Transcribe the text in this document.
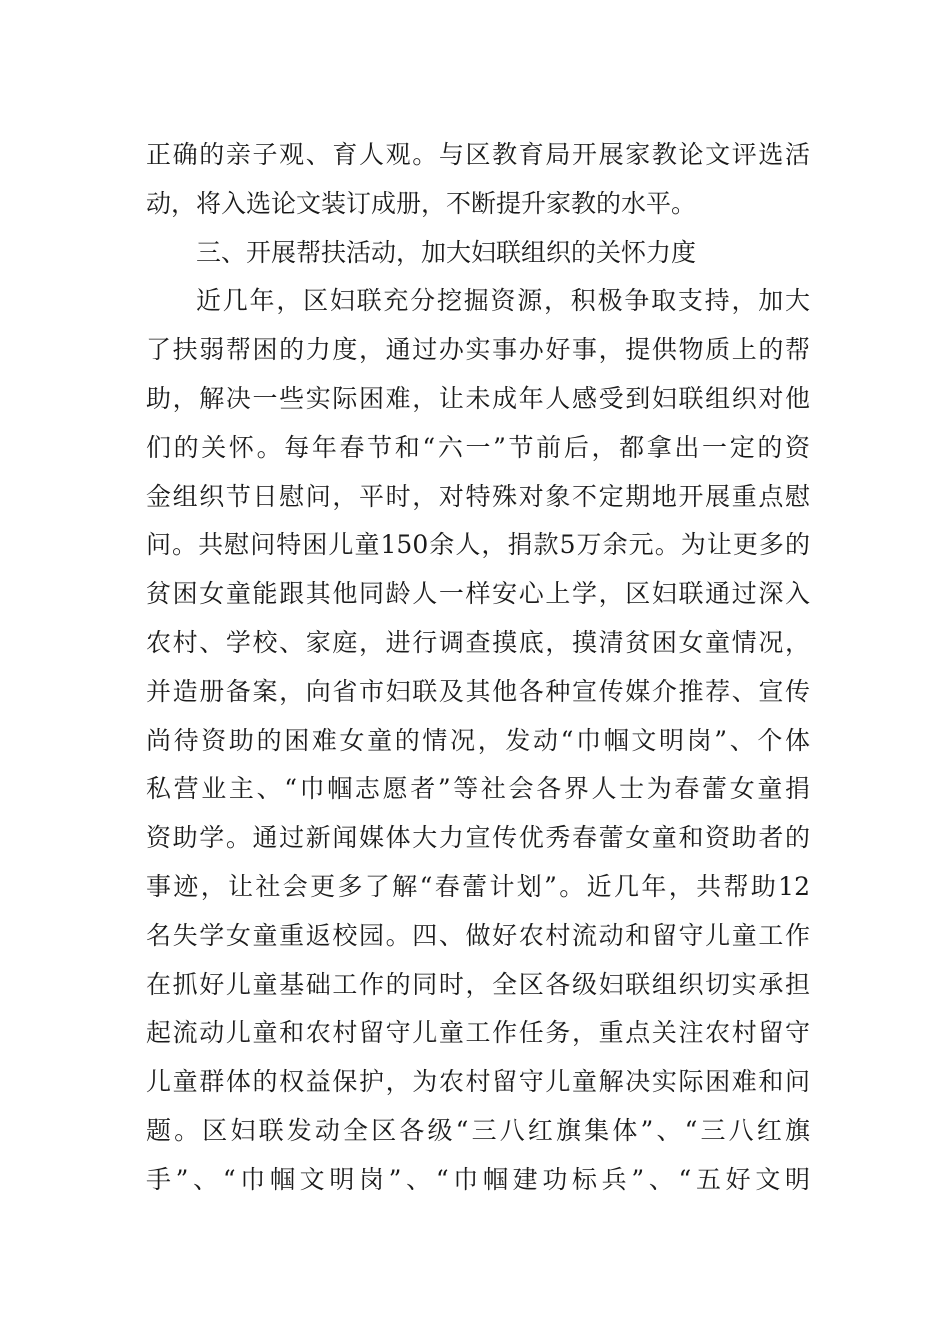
正确的亲子观、育人观。与区教育局开展家教论文评选活
动，将入选论文装订成册，不断提升家教的水平。
三、开展帮扶活动，加大妇联组织的关怀力度
近几年，区妇联充分挖掘资源，积极争取支持，加大
了扶弱帮困的力度，通过办实事办好事，提供物质上的帮
助，解决一些实际困难，让未成年人感受到妇联组织对他
们的关怀。每年春节和“六一”节前后，都拿出一定的资
金组织节日慰问，平时，对特殊对象不定期地开展重点慰
问。共慰问特困儿童150余人，捐款5万余元。为让更多的
贫困女童能跟其他同龄人一样安心上学，区妇联通过深入
农村、学校、家庭，进行调查摸底，摸清贫困女童情况，
并造册备案，向省市妇联及其他各种宣传媒介推荐、宣传
尚待资助的困难女童的情况，发动“巾帼文明岗”、个体
私营业主、“巾帼志愿者”等社会各界人士为春蕾女童捐
资助学。通过新闻媒体大力宣传优秀春蕾女童和资助者的
事迹，让社会更多了解“春蕾计划”。近几年，共帮助12
名失学女童重返校园。四、做好农村流动和留守儿童工作
在抓好儿童基础工作的同时，全区各级妇联组织切实承担
起流动儿童和农村留守儿童工作任务，重点关注农村留守
儿童群体的权益保护，为农村留守儿童解决实际困难和问
题。区妇联发动全区各级“三八红旗集体”、“三八红旗
手”、“巾帼文明岗”、“巾帼建功标兵”、“五好文明
